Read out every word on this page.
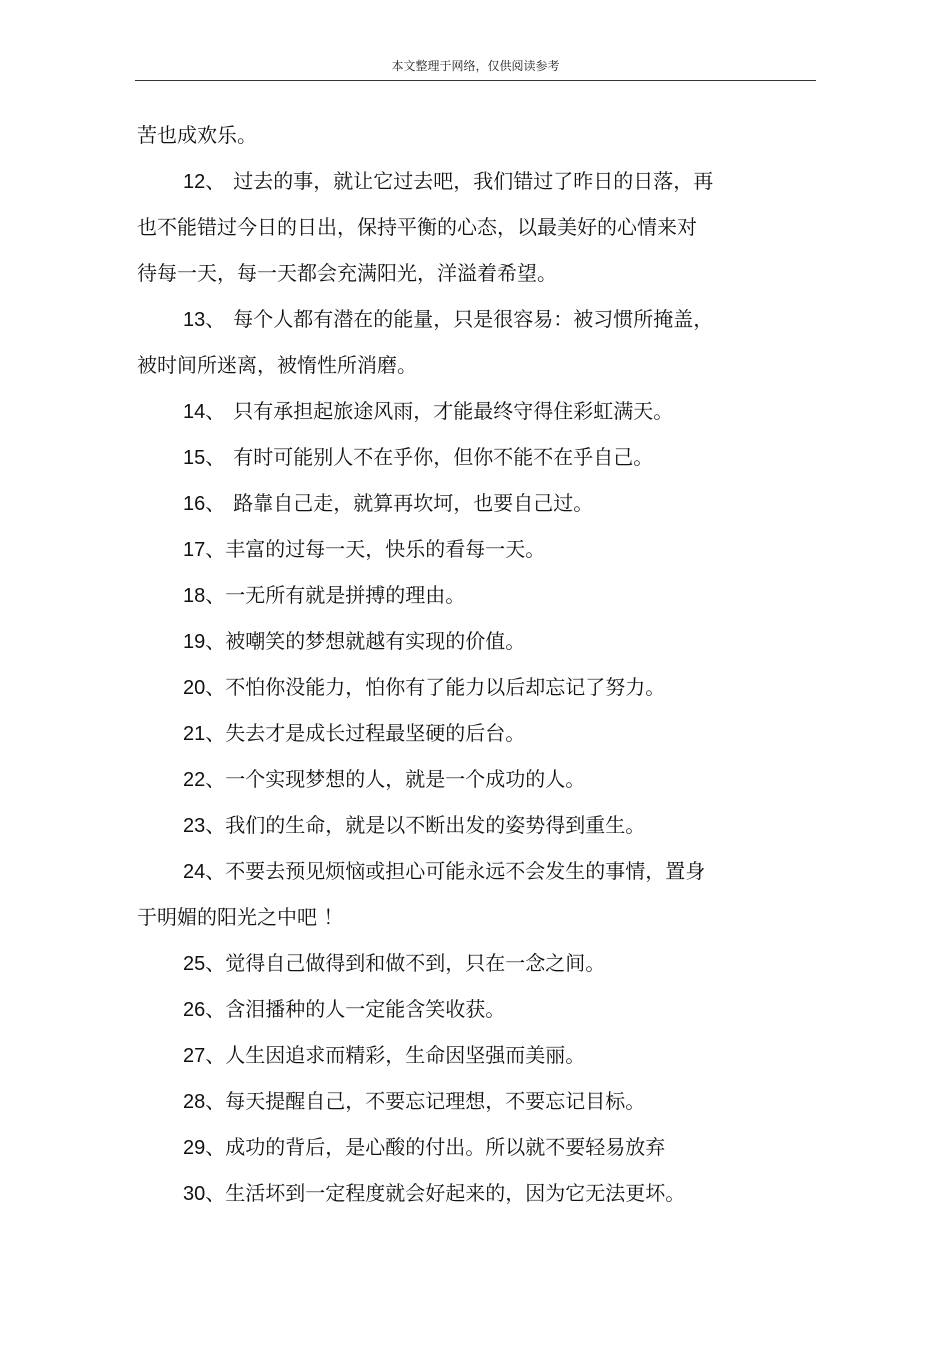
本文整理于网络，仅供阅读参考
苦也成欢乐。
12、 过去的事，就让它过去吧，我们错过了昨日的日落，再
也不能错过今日的日出，保持平衡的心态，以最美好的心情来对
待每一天，每一天都会充满阳光，洋溢着希望。
13、 每个人都有潜在的能量，只是很容易：被习惯所掩盖，
被时间所迷离，被惰性所消磨。
14、 只有承担起旅途风雨，才能最终守得住彩虹满天。
15、 有时可能别人不在乎你，但你不能不在乎自己。
16、 路靠自己走，就算再坎坷，也要自己过。
17、丰富的过每一天，快乐的看每一天。
18、一无所有就是拼搏的理由。
19、被嘲笑的梦想就越有实现的价值。
20、不怕你没能力，怕你有了能力以后却忘记了努力。
21、失去才是成长过程最坚硬的后台。
22、一个实现梦想的人，就是一个成功的人。
23、我们的生命，就是以不断出发的姿势得到重生。
24、不要去预见烦恼或担心可能永远不会发生的事情，置身
于明媚的阳光之中吧 ！
25、觉得自己做得到和做不到，只在一念之间。
26、含泪播种的人一定能含笑收获。
27、人生因追求而精彩，生命因坚强而美丽。
28、每天提醒自己，不要忘记理想，不要忘记目标。
29、成功的背后，是心酸的付出。所以就不要轻易放弃
30、生活坏到一定程度就会好起来的，因为它无法更坏。
